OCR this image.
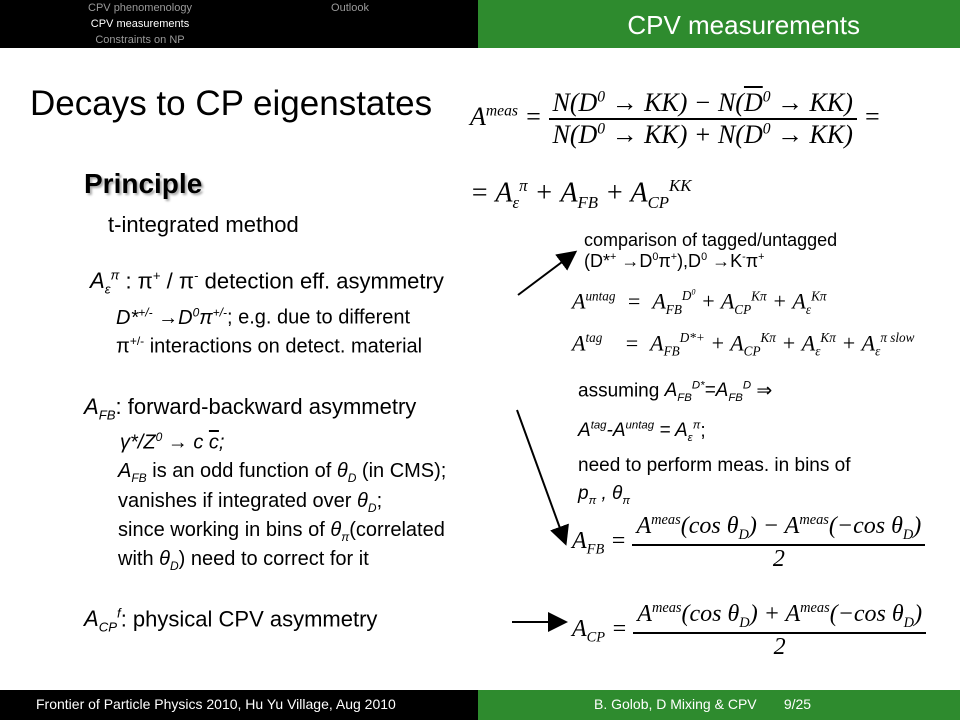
CPV phenomenology
CPV measurements
Constraints on NP
Outlook
CPV measurements
Decays to CP eigenstates
Principle
t-integrated method
$A_\varepsilon^\pi$ : π+ / π- detection eff. asymmetry
$D*^{+/-} \to D^0\pi^{+/-}$; e.g. due to different
π+/- interactions on detect. material
$A_{FB}$: forward-backward asymmetry
$\gamma*/Z^0 \to c$ $\overline{c}$;
$A_{FB}$ is an odd function of $\theta_D$ (in CMS);
vanishes if integrated over $\theta_D$;
since working in bins of $\theta_\pi(correlated$
with $\theta_D$) need to correct for it
$A_{CP}^f$: physical CPV asymmetry
$A^{meas} = \frac{N(D^0 \to KK) - N(\overline{D}^0 \to KK)}{N(D^0 \to KK) + N(\overline{D}^0 \to KK)}$ =
= $A_\varepsilon^\pi + A_{FB} + A_{CP}^{KK}$
comparison of tagged/untagged
$(D*^+ \to D^0\pi^+),D^0 \to K^-\pi^+$
$A^{untag} = A_{FB}^{D^0} + A_{CP}^{K\pi} + A_\varepsilon^{K\pi}$
$A^{tag}$    =  $A_{FB}^{D*+} + A_{CP}^{K\pi} + A_\varepsilon^{K\pi} + A_\varepsilon^{\pi slow}$
assuming $A_{FB}^{D*}=A_{FB}^D$ ⇒
$A^{tag}-A^{untag} = A_\varepsilon^\pi$;
need to perform meas. in bins of
$p_\pi$ , $\theta_\pi$
$A_{FB} = \frac{A^{meas}(\cos \theta_D) - A^{meas}(-\cos \theta_D)}{2}$
$A_{CP} = \frac{A^{meas}(\cos \theta_D) + A^{meas}(-\cos \theta_D)}{2}$
Frontier of Particle Physics 2010, Hu Yu Village, Aug 2010	B. Golob, D Mixing & CPV       9/25
